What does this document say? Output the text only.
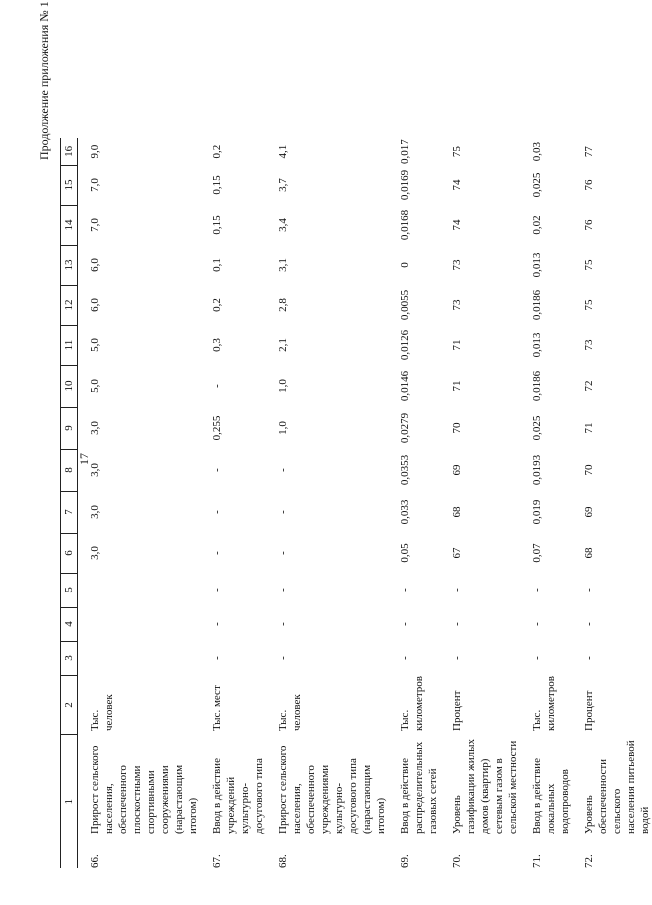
17
Продолжение приложения № 1
1		2	3	4	5	6	7	8	9	10	11	12	13	14	15	16
66.	Прирост сельского населения, обеспеченного плоскостными спортивными сооружениями (нарастающим итогом)	Тыс. человек				3,0	3,0	3,0	3,0	5,0	5,0	6,0	6,0	7,0	7,0	9,0
67.	Ввод в действие учреждений культурно-досугового типа	Тыс. мест	-	-	-	-	-	-	0,255	-	0,3	0,2	0,1	0,15	0,15	0,2
68.	Прирост сельского населения, обеспеченного учреждениями культурно-досугового типа (нарастающим итогом)	Тыс. человек	-	-	-	-	-	-	1,0	1,0	2,1	2,8	3,1	3,4	3,7	4,1
69.	Ввод в действие распределительных газовых сетей	Тыс. километров	-	-	-	0,05	0,033	0,0353	0,0279	0,0146	0,0126	0,0055	0	0,0168	0,0169	0,017
70.	Уровень газификации жилых домов (квартир) сетевым газом в сельской местности	Процент	-	-	-	67	68	69	70	71	71	73	73	74	74	75
71.	Ввод в действие локальных водопроводов	Тыс. километров	-	-	-	0,07	0,019	0,0193	0,025	0,0186	0,013	0,0186	0,013	0,02	0,025	0,03
72.	Уровень обеспеченности сельского населения питьевой водой	Процент	-	-	-	68	69	70	71	72	73	75	75	76	76	77
